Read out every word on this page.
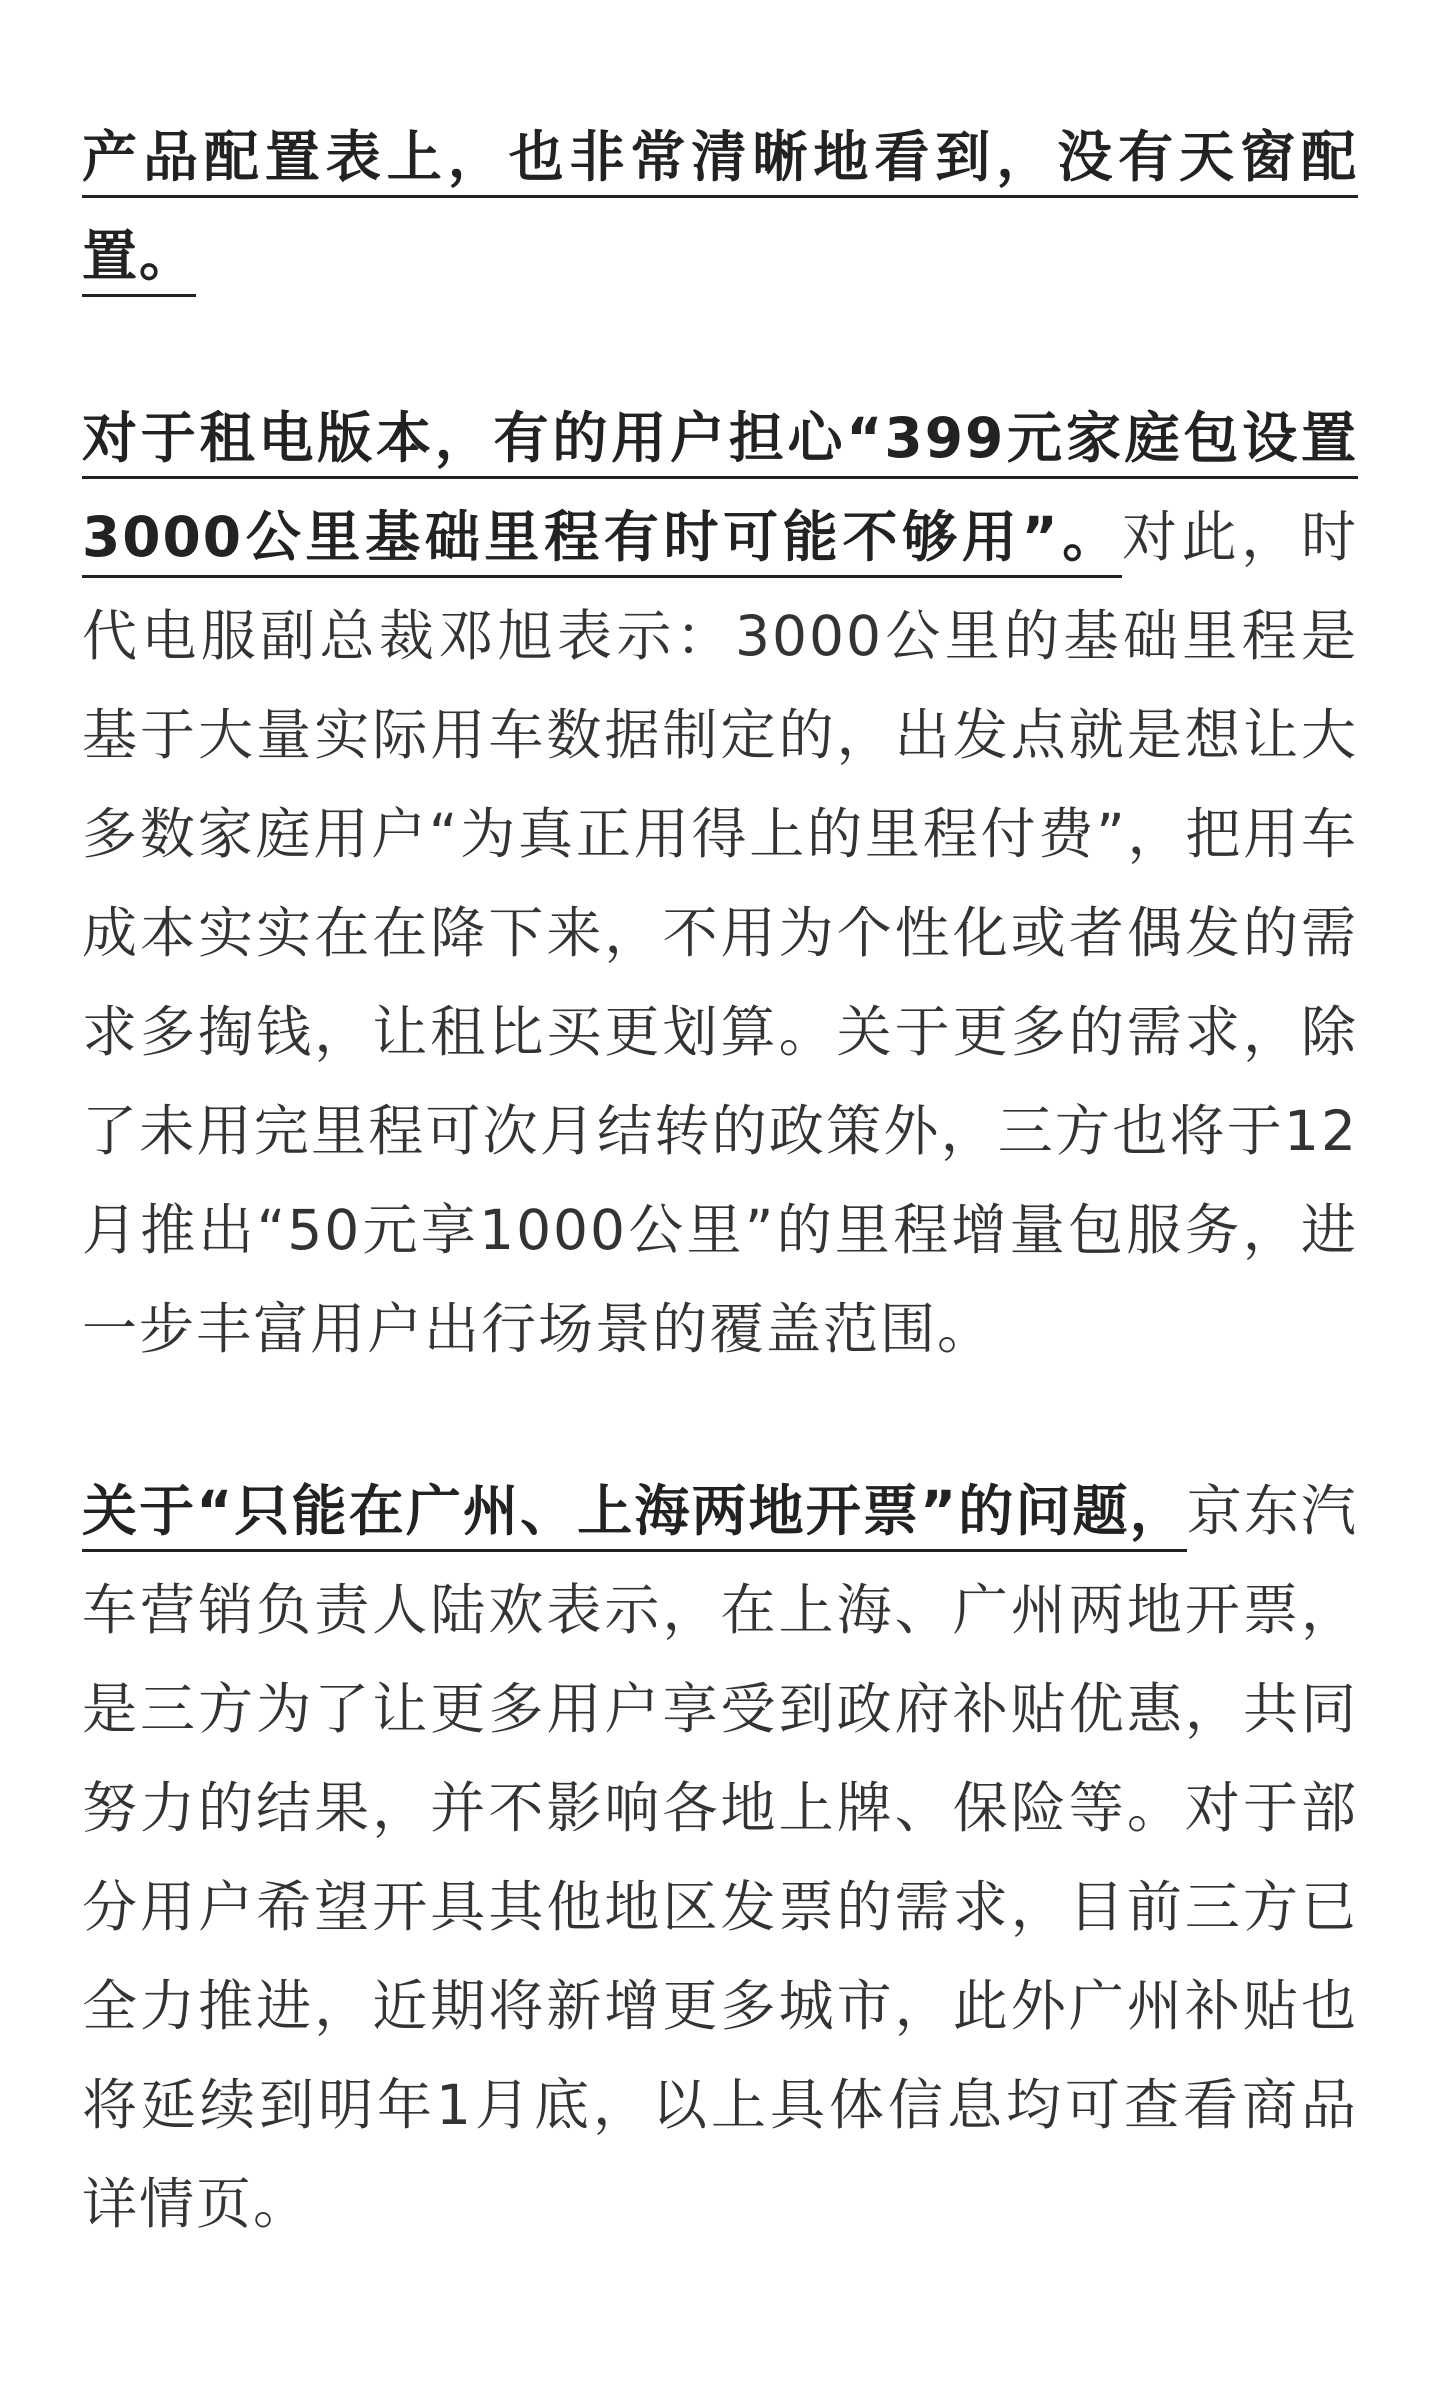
产品配置表上，也非常清晰地看到，没有天窗配置。

对于租电版本，有的用户担心“399元家庭包设置3000公里基础里程有时可能不够用”。对此，时代电服副总裁邓旭表示：3000公里的基础里程是基于大量实际用车数据制定的，出发点就是想让大多数家庭用户“为真正用得上的里程付费”，把用车成本实实在在降下来，不用为个性化或者偶发的需求多掏钱，让租比买更划算。关于更多的需求，除了未用完里程可次月结转的政策外，三方也将于12月推出“50元享1000公里”的里程增量包服务，进一步丰富用户出行场景的覆盖范围。

关于“只能在广州、上海两地开票”的问题，京东汽车营销负责人陆欢表示，在上海、广州两地开票，是三方为了让更多用户享受到政府补贴优惠，共同努力的结果，并不影响各地上牌、保险等。对于部分用户希望开具其他地区发票的需求，目前三方已全力推进，近期将新增更多城市，此外广州补贴也将延续到明年1月底，以上具体信息均可查看商品详情页。
